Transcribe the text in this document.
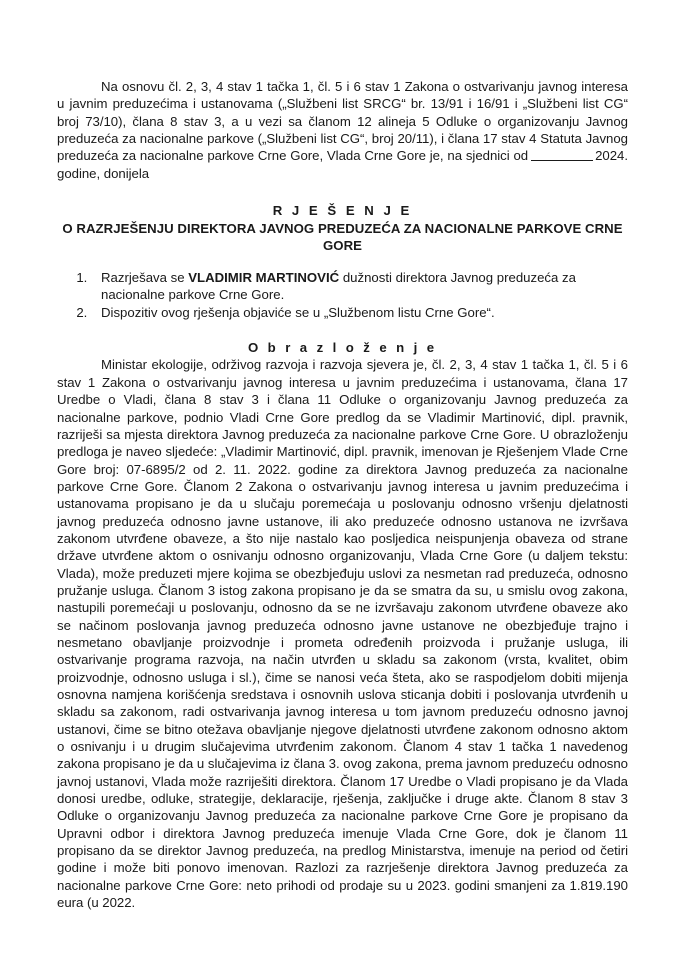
Na osnovu čl. 2, 3, 4 stav 1 tačka 1, čl. 5 i 6 stav 1 Zakona o ostvarivanju javnog interesa u javnim preduzećima i ustanovama („Službeni list SRCG“ br. 13/91 i 16/91 i „Službeni list CG“ broj 73/10), člana 8 stav 3, a u vezi sa članom 12 alineja 5 Odluke o organizovanju Javnog preduzeća za nacionalne parkove („Službeni list CG“, broj 20/11), i člana 17 stav 4 Statuta Javnog preduzeća za nacionalne parkove Crne Gore, Vlada Crne Gore je, na sjednici od	2024. godine, donijela

R J E Š E N J E
O RAZRJEŠENJU DIREKTORA JAVNOG PREDUZEĆA ZA NACIONALNE PARKOVE CRNE GORE
1. Razrješava se VLADIMIR MARTINOVIĆ dužnosti direktora Javnog preduzeća za nacionalne parkove Crne Gore.
2. Dispozitiv ovog rješenja objaviće se u „Službenom listu Crne Gore“.
O b r a z l o ž e n j e

Ministar ekologije, održivog razvoja i razvoja sjevera je, čl. 2, 3, 4 stav 1 tačka 1, čl. 5 i 6 stav 1 Zakona o ostvarivanju javnog interesa u javnim preduzećima i ustanovama, člana 17 Uredbe o Vladi, člana 8 stav 3 i člana 11 Odluke o organizovanju Javnog preduzeća za nacionalne parkove, podnio Vladi Crne Gore predlog da se Vladimir Martinović, dipl. pravnik, razriješi sa mjesta direktora Javnog preduzeća za nacionalne parkove Crne Gore. U obrazloženju predloga je naveo sljedeće: „Vladimir Martinović, dipl. pravnik, imenovan je Rješenjem Vlade Crne Gore broj: 07-6895/2 od 2. 11. 2022. godine za direktora Javnog preduzeća za nacionalne parkove Crne Gore. Članom 2 Zakona o ostvarivanju javnog interesa u javnim preduzećima i ustanovama propisano je da u slučaju poremećaja u poslovanju odnosno vršenju djelatnosti javnog preduzeća odnosno javne ustanove, ili ako preduzeće odnosno ustanova ne izvršava zakonom utvrđene obaveze, a što nije nastalo kao posljedica neispunjenja obaveza od strane države utvrđene aktom o osnivanju odnosno organizovanju, Vlada Crne Gore (u daljem tekstu: Vlada), može preduzeti mjere kojima se obezbjeđuju uslovi za nesmetan rad preduzeća, odnosno pružanje usluga. Članom 3 istog zakona propisano je da se smatra da su, u smislu ovog zakona, nastupili poremećaji u poslovanju, odnosno da se ne izvršavaju zakonom utvrđene obaveze ako se načinom poslovanja javnog preduzeća odnosno javne ustanove ne obezbjeđuje trajno i nesmetano obavljanje proizvodnje i prometa određenih proizvoda i pružanje usluga, ili ostvarivanje programa razvoja, na način utvrđen u skladu sa zakonom (vrsta, kvalitet, obim proizvodnje, odnosno usluga i sl.), čime se nanosi veća šteta, ako se raspodjelom dobiti mijenja osnovna namjena korišćenja sredstava i osnovnih uslova sticanja dobiti i poslovanja utvrđenih u skladu sa zakonom, radi ostvarivanja javnog interesa u tom javnom preduzeću odnosno javnoj ustanovi, čime se bitno otežava obavljanje njegove djelatnosti utvrđene zakonom odnosno aktom o osnivanju i u drugim slučajevima utvrđenim zakonom. Članom 4 stav 1 tačka 1 navedenog zakona propisano je da u slučajevima iz člana 3. ovog zakona, prema javnom preduzeću odnosno javnoj ustanovi, Vlada može razriješiti direktora. Članom 17 Uredbe o Vladi propisano je da Vlada donosi uredbe, odluke, strategije, deklaracije, rješenja, zaključke i druge akte. Članom 8 stav 3 Odluke o organizovanju Javnog preduzeća za nacionalne parkove Crne Gore je propisano da Upravni odbor i direktora Javnog preduzeća imenuje Vlada Crne Gore, dok je članom 11 propisano da se direktor Javnog preduzeća, na predlog Ministarstva, imenuje na period od četiri godine i može biti ponovo imenovan. Razlozi za razrješenje direktora Javnog preduzeća za nacionalne parkove Crne Gore: neto prihodi od prodaje su u 2023. godini smanjeni za 1.819.190 eura (u 2022.
